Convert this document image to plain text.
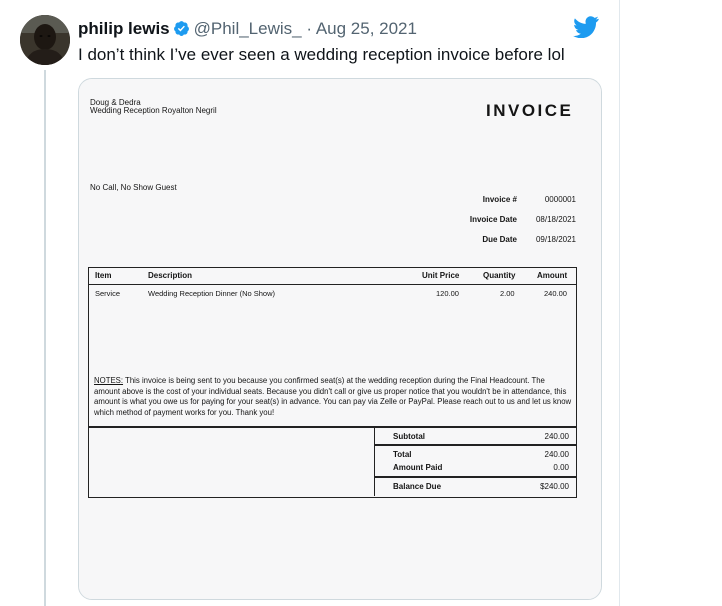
philip lewis @Phil_Lewis_ · Aug 25, 2021
I don’t think I’ve ever seen a wedding reception invoice before lol
Doug & Dedra
Wedding Reception Royalton Negril	INVOICE
No Call, No Show Guest
Invoice #	0000001
Invoice Date	08/18/2021
Due Date	09/18/2021
Item	Description	Unit Price	Quantity	Amount
Service	Wedding Reception Dinner (No Show)	120.00	2.00	240.00
NOTES: This invoice is being sent to you because you confirmed seat(s) at the wedding reception during the Final Headcount. The amount above is the cost of your individual seats. Because you didn't call or give us proper notice that you wouldn't be in attendance, this amount is what you owe us for paying for your seat(s) in advance. You can pay via Zelle or PayPal. Please reach out to us and let us know which method of payment works for you. Thank you!
Subtotal	240.00
Total	240.00
Amount Paid	0.00
Balance Due	$240.00
